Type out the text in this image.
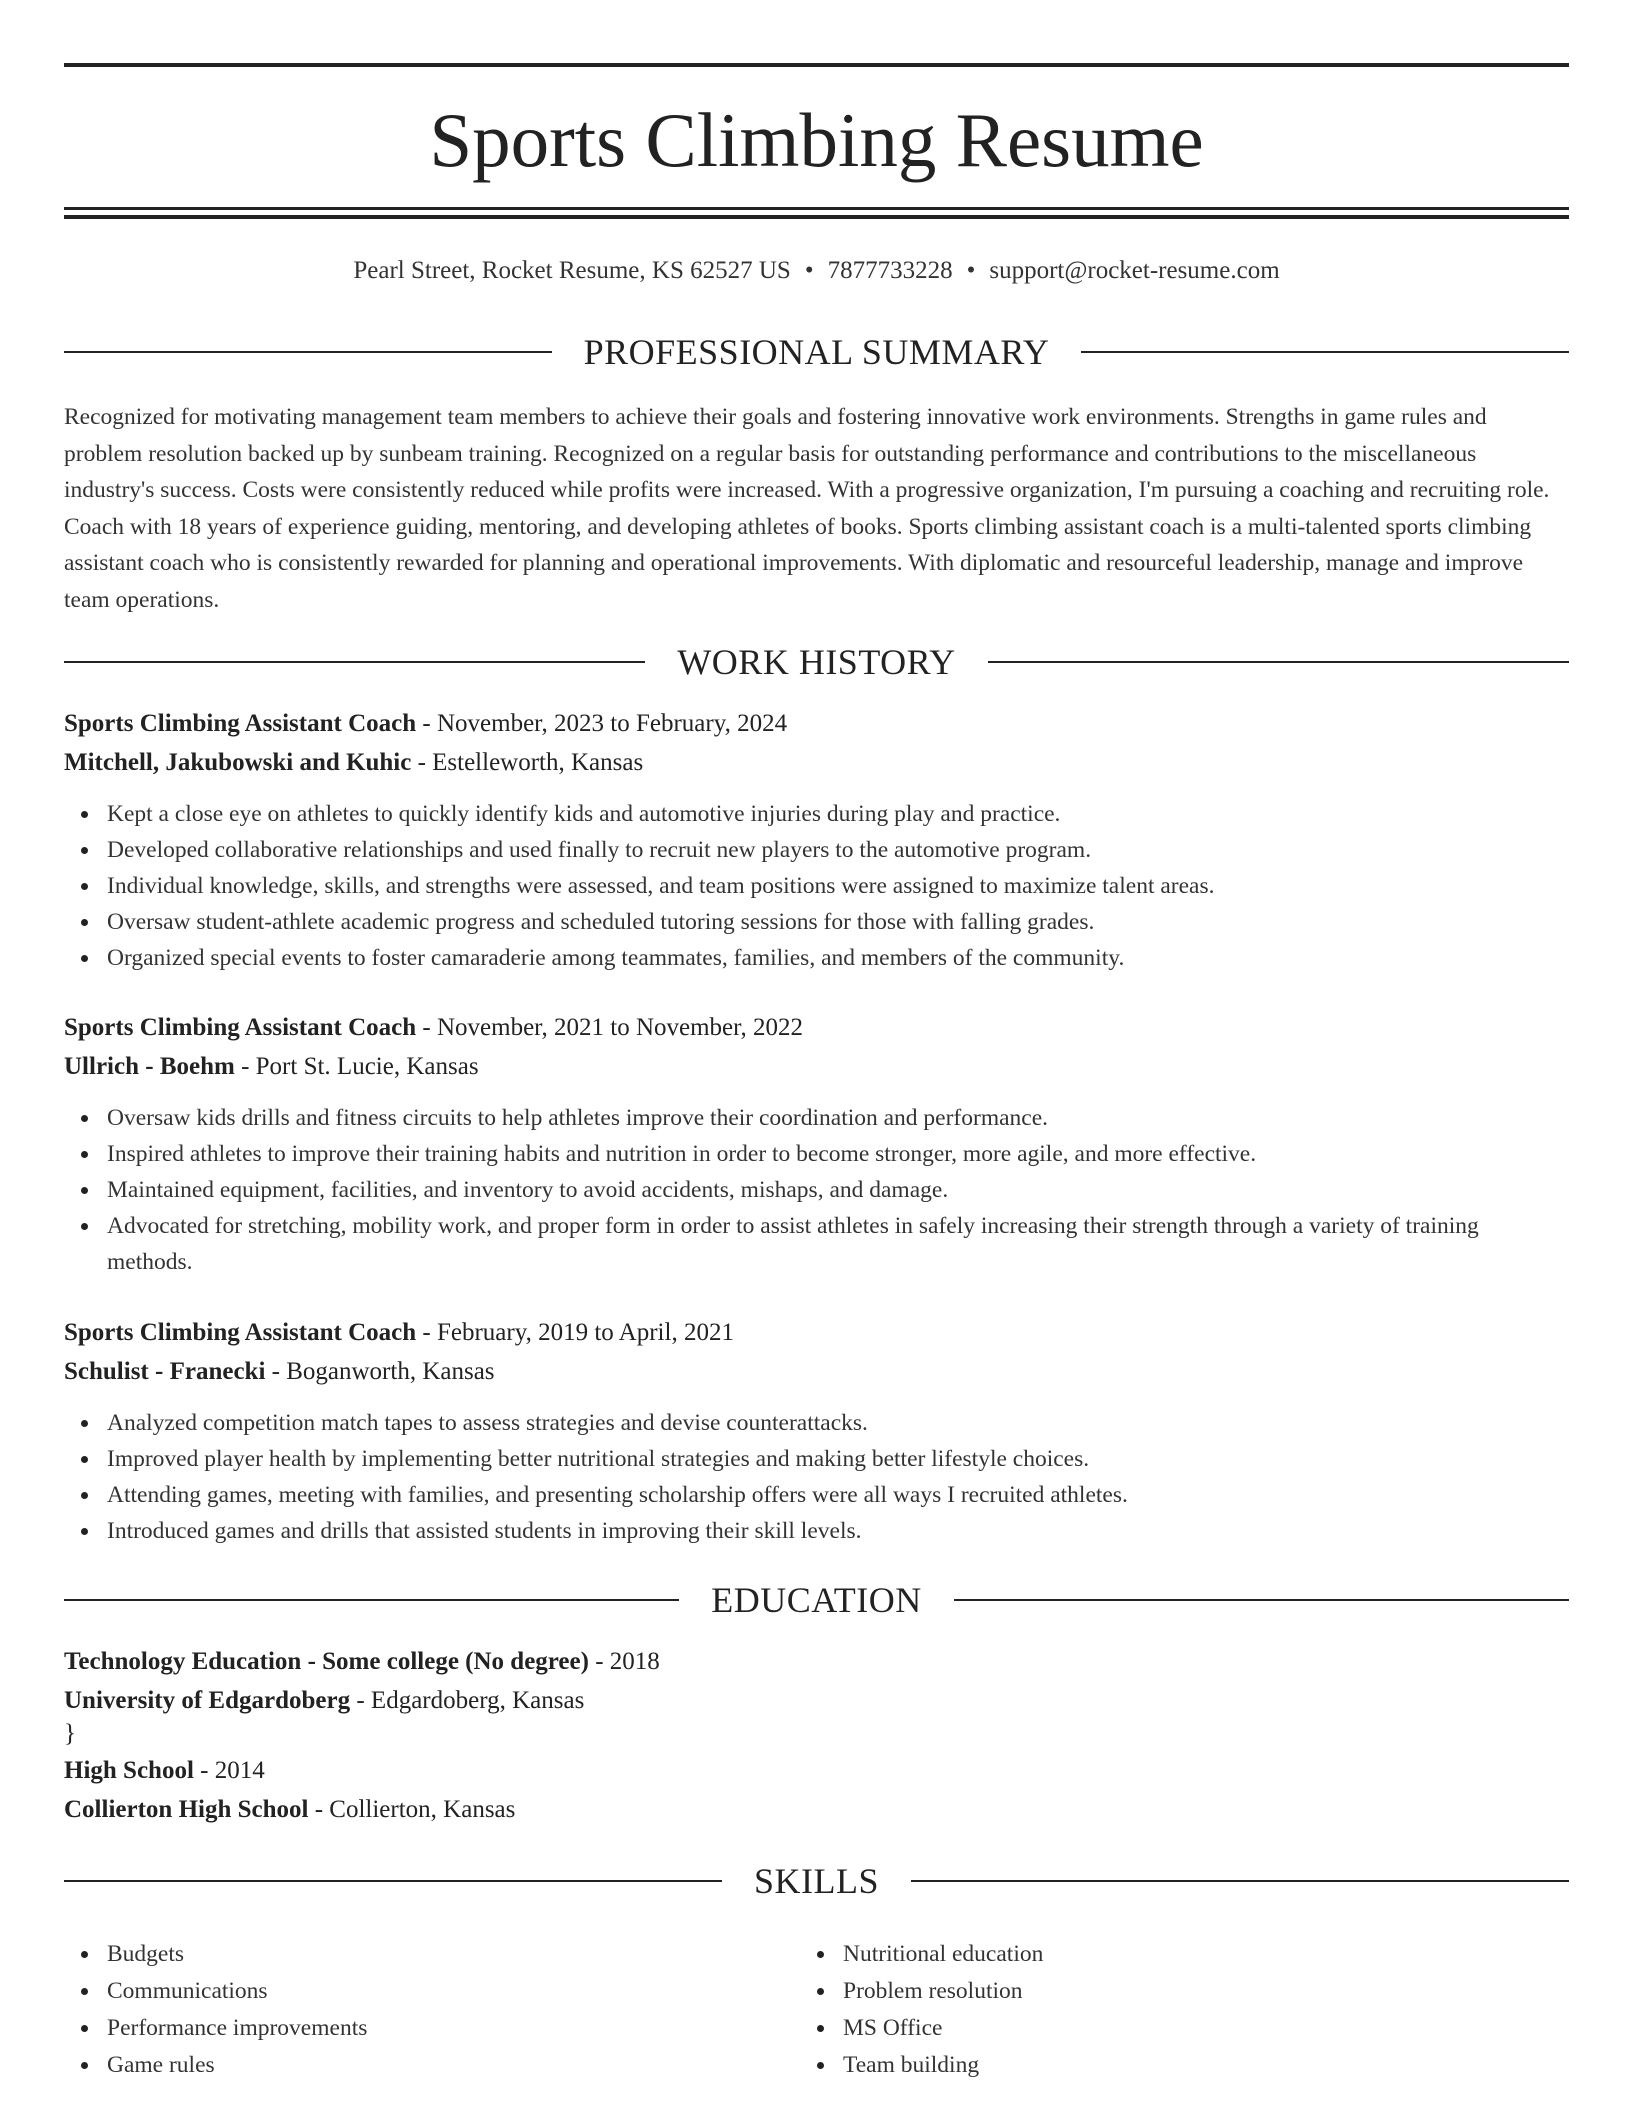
Sports Climbing Resume
Pearl Street, Rocket Resume, KS 62527 US • 7877733228 • support@rocket-resume.com
PROFESSIONAL SUMMARY

Recognized for motivating management team members to achieve their goals and fostering innovative work environments. Strengths in game rules and problem resolution backed up by sunbeam training. Recognized on a regular basis for outstanding performance and contributions to the miscellaneous industry's success. Costs were consistently reduced while profits were increased. With a progressive organization, I'm pursuing a coaching and recruiting role. Coach with 18 years of experience guiding, mentoring, and developing athletes of books. Sports climbing assistant coach is a multi-talented sports climbing assistant coach who is consistently rewarded for planning and operational improvements. With diplomatic and resourceful leadership, manage and improve team operations.

WORK HISTORY
Sports Climbing Assistant Coach - November, 2023 to February, 2024
Mitchell, Jakubowski and Kuhic - Estelleworth, Kansas
Kept a close eye on athletes to quickly identify kids and automotive injuries during play and practice.
Developed collaborative relationships and used finally to recruit new players to the automotive program.
Individual knowledge, skills, and strengths were assessed, and team positions were assigned to maximize talent areas.
Oversaw student-athlete academic progress and scheduled tutoring sessions for those with falling grades.
Organized special events to foster camaraderie among teammates, families, and members of the community.
Sports Climbing Assistant Coach - November, 2021 to November, 2022
Ullrich - Boehm - Port St. Lucie, Kansas
Oversaw kids drills and fitness circuits to help athletes improve their coordination and performance.
Inspired athletes to improve their training habits and nutrition in order to become stronger, more agile, and more effective.
Maintained equipment, facilities, and inventory to avoid accidents, mishaps, and damage.
Advocated for stretching, mobility work, and proper form in order to assist athletes in safely increasing their strength through a variety of training methods.
Sports Climbing Assistant Coach - February, 2019 to April, 2021
Schulist - Franecki - Boganworth, Kansas
Analyzed competition match tapes to assess strategies and devise counterattacks.
Improved player health by implementing better nutritional strategies and making better lifestyle choices.
Attending games, meeting with families, and presenting scholarship offers were all ways I recruited athletes.
Introduced games and drills that assisted students in improving their skill levels.
EDUCATION
Technology Education - Some college (No degree) - 2018
University of Edgardoberg - Edgardoberg, Kansas
}
High School - 2014
Collierton High School - Collierton, Kansas
SKILLS
Budgets
Communications
Performance improvements
Game rules
Nutritional education
Problem resolution
MS Office
Team building
